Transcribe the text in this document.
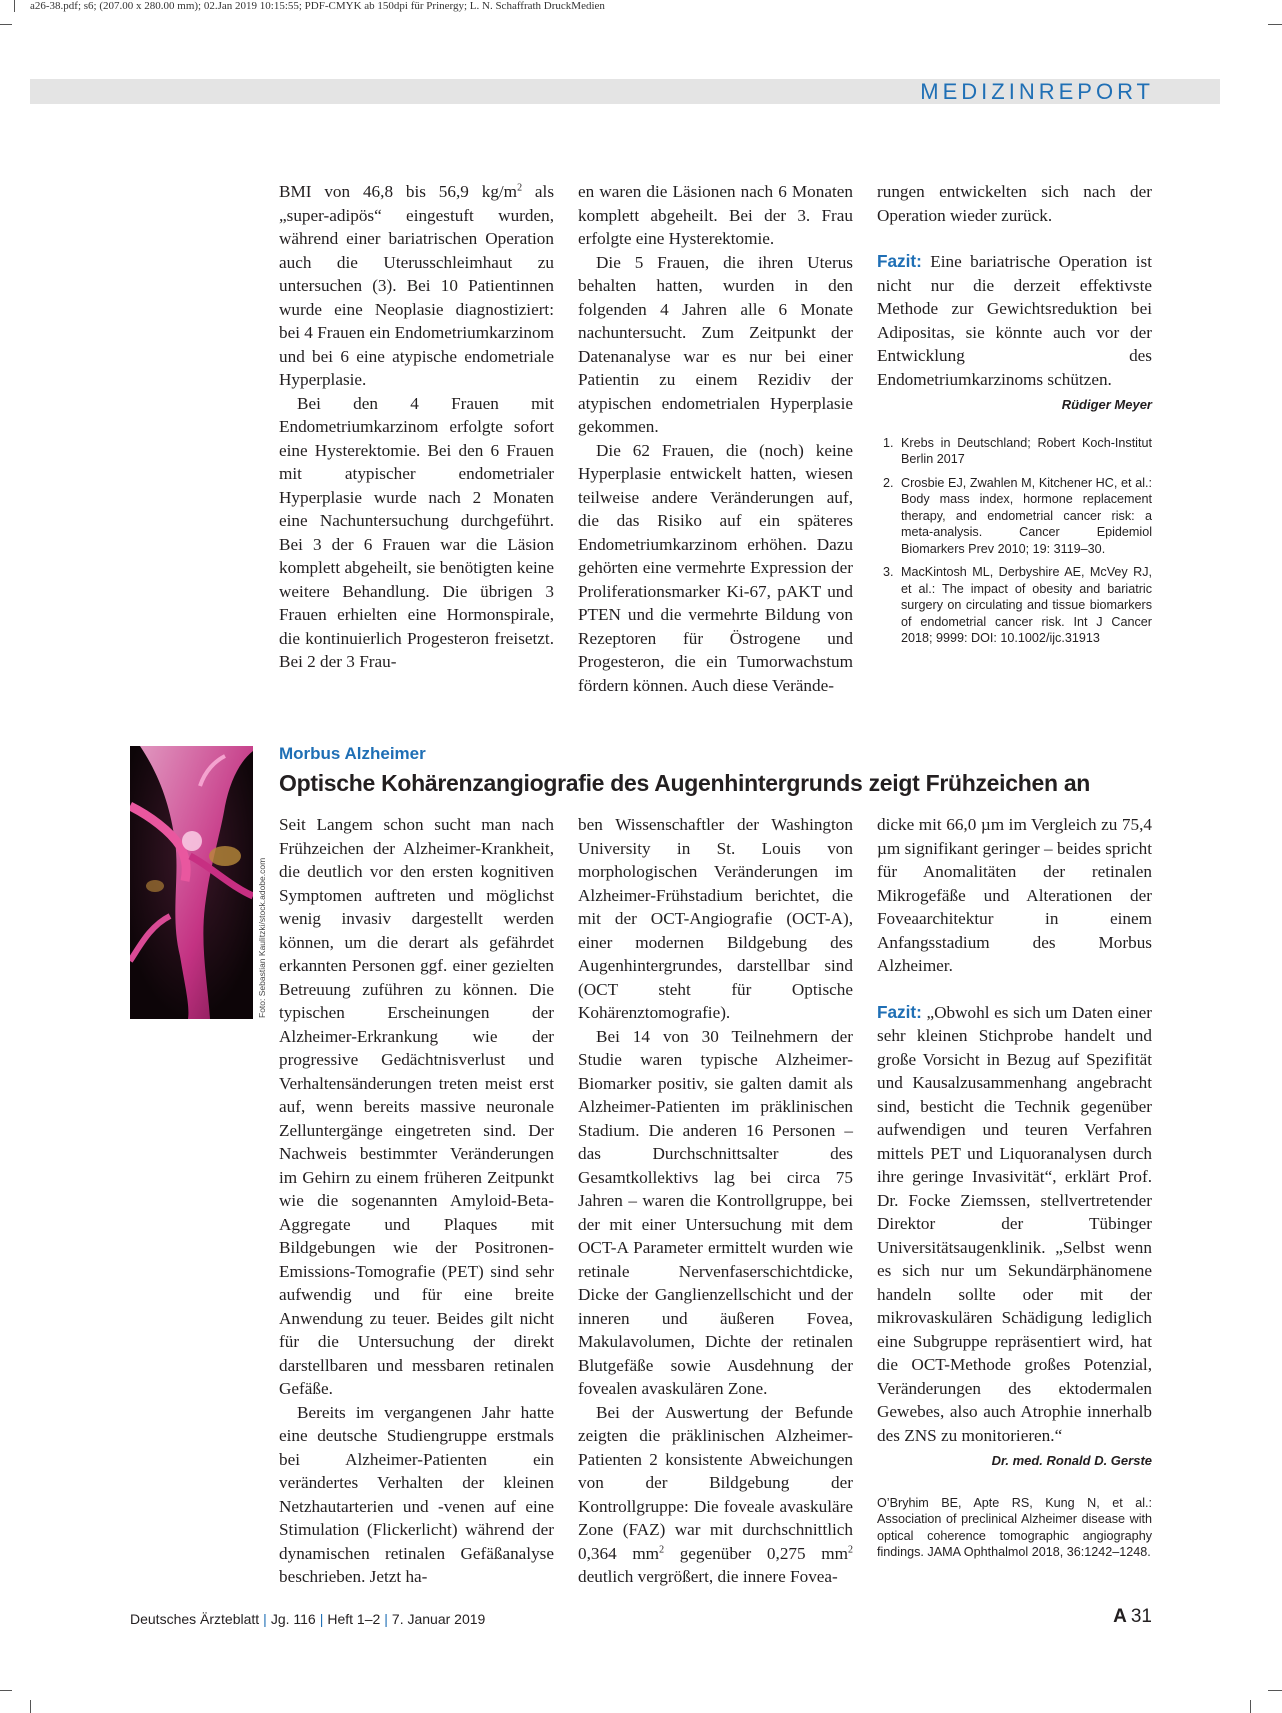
a26-38.pdf; s6; (207.00 x 280.00 mm); 02.Jan 2019 10:15:55; PDF-CMYK ab 150dpi für Prinergy; L. N. Schaffrath DruckMedien
MEDIZINREPORT

BMI von 46,8 bis 56,9 $kg/m^2$ als „super-adipös“ eingestuft wurden, während einer bariatrischen Operation auch die Uterusschleimhaut zu untersuchen (3). Bei 10 Patientinnen wurde eine Neoplasie diagnostiziert: bei 4 Frauen ein Endometriumkarzinom und bei 6 eine atypische endometriale Hyperplasie.

Bei den 4 Frauen mit Endometriumkarzinom erfolgte sofort eine Hysterektomie. Bei den 6 Frauen mit atypischer endometrialer Hyperplasie wurde nach 2 Monaten eine Nachuntersuchung durchgeführt. Bei 3 der 6 Frauen war die Läsion komplett abgeheilt, sie benötigten keine weitere Behandlung. Die übrigen 3 Frauen erhielten eine Hormonspirale, die kontinuierlich Progesteron freisetzt. Bei 2 der 3 Frau-

en waren die Läsionen nach 6 Monaten komplett abgeheilt. Bei der 3. Frau erfolgte eine Hysterektomie.

Die 5 Frauen, die ihren Uterus behalten hatten, wurden in den folgenden 4 Jahren alle 6 Monate nachuntersucht. Zum Zeitpunkt der Datenanalyse war es nur bei einer Patientin zu einem Rezidiv der atypischen endometrialen Hyperplasie gekommen.

Die 62 Frauen, die (noch) keine Hyperplasie entwickelt hatten, wiesen teilweise andere Veränderungen auf, die das Risiko auf ein späteres Endometriumkarzinom erhöhen. Dazu gehörten eine vermehrte Expression der Proliferationsmarker Ki-67, pAKT und PTEN und die vermehrte Bildung von Rezeptoren für Östrogene und Progesteron, die ein Tumorwachstum fördern können. Auch diese Verände-

rungen entwickelten sich nach der Operation wieder zurück.

Fazit: Eine bariatrische Operation ist nicht nur die derzeit effektivste Methode zur Gewichtsreduktion bei Adipositas, sie könnte auch vor der Entwicklung des Endometriumkarzinoms schützen.

Rüdiger Meyer
1. Krebs in Deutschland; Robert Koch-Institut Berlin 2017
2. Crosbie EJ, Zwahlen M, Kitchener HC, et al.: Body mass index, hormone replacement therapy, and endometrial cancer risk: a meta-analysis. Cancer Epidemiol Biomarkers Prev 2010; 19: 3119–30.
3. MacKintosh ML, Derbyshire AE, McVey RJ, et al.: The impact of obesity and bariatric surgery on circulating and tissue biomarkers of endometrial cancer risk. Int J Cancer 2018; 9999: DOI: 10.1002/ijc.31913
Foto: Sebastian Kaulitzki/stock.adobe.com
Morbus Alzheimer
Optische Kohärenzangiografie des Augenhintergrunds zeigt Frühzeichen an

Seit Langem schon sucht man nach Frühzeichen der Alzheimer-Krankheit, die deutlich vor den ersten kognitiven Symptomen auftreten und möglichst wenig invasiv dargestellt werden können, um die derart als gefährdet erkannten Personen ggf. einer gezielten Betreuung zuführen zu können. Die typischen Erscheinungen der Alzheimer-Erkrankung wie der progressive Gedächtnisverlust und Verhaltensänderungen treten meist erst auf, wenn bereits massive neuronale Zelluntergänge eingetreten sind. Der Nachweis bestimmter Veränderungen im Gehirn zu einem früheren Zeitpunkt wie die sogenannten Amyloid-Beta-Aggregate und Plaques mit Bildgebungen wie der Positronen-Emissions-Tomografie (PET) sind sehr aufwendig und für eine breite Anwendung zu teuer. Beides gilt nicht für die Untersuchung der direkt darstellbaren und messbaren retinalen Gefäße.

Bereits im vergangenen Jahr hatte eine deutsche Studiengruppe erstmals bei Alzheimer-Patienten ein verändertes Verhalten der kleinen Netzhautarterien und -venen auf eine Stimulation (Flickerlicht) während der dynamischen retinalen Gefäßanalyse beschrieben. Jetzt ha-

ben Wissenschaftler der Washington University in St. Louis von morphologischen Veränderungen im Alzheimer-Frühstadium berichtet, die mit der OCT-Angiografie (OCT-A), einer modernen Bildgebung des Augenhintergrundes, darstellbar sind (OCT steht für Optische Kohärenztomografie).

Bei 14 von 30 Teilnehmern der Studie waren typische Alzheimer-Biomarker positiv, sie galten damit als Alzheimer-Patienten im präklinischen Stadium. Die anderen 16 Personen – das Durchschnittsalter des Gesamtkollektivs lag bei circa 75 Jahren – waren die Kontrollgruppe, bei der mit einer Untersuchung mit dem OCT-A Parameter ermittelt wurden wie retinale Nervenfaserschichtdicke, Dicke der Ganglienzellschicht und der inneren und äußeren Fovea, Makulavolumen, Dichte der retinalen Blutgefäße sowie Ausdehnung der fovealen avaskulären Zone.

Bei der Auswertung der Befunde zeigten die präklinischen Alzheimer-Patienten 2 konsistente Abweichungen von der Bildgebung der Kontrollgruppe: Die foveale avaskuläre Zone (FAZ) war mit durchschnittlich 0,364 $mm^2$ gegenüber 0,275 $mm^2$ deutlich vergrößert, die innere Fovea-

dicke mit 66,0 µm im Vergleich zu 75,4 µm signifikant geringer – beides spricht für Anomalitäten der retinalen Mikrogefäße und Alterationen der Foveaarchitektur in einem Anfangsstadium des Morbus Alzheimer.

Fazit: „Obwohl es sich um Daten einer sehr kleinen Stichprobe handelt und große Vorsicht in Bezug auf Spezifität und Kausalzusammenhang angebracht sind, besticht die Technik gegenüber aufwendigen und teuren Verfahren mittels PET und Liquoranalysen durch ihre geringe Invasivität“, erklärt Prof. Dr. Focke Ziemssen, stellvertretender Direktor der Tübinger Universitätsaugenklinik. „Selbst wenn es sich nur um Sekundärphänomene handeln sollte oder mit der mikrovaskulären Schädigung lediglich eine Subgruppe repräsentiert wird, hat die OCT-Methode großes Potenzial, Veränderungen des ektodermalen Gewebes, also auch Atrophie innerhalb des ZNS zu monitorieren.“

Dr. med. Ronald D. Gerste
O’Bryhim BE, Apte RS, Kung N, et al.: Association of preclinical Alzheimer disease with optical coherence tomographic angiography findings. JAMA Ophthalmol 2018, 36:1242–1248.
Deutsches Ärzteblatt | Jg. 116 | Heft 1–2 | 7. Januar 2019	A 31
